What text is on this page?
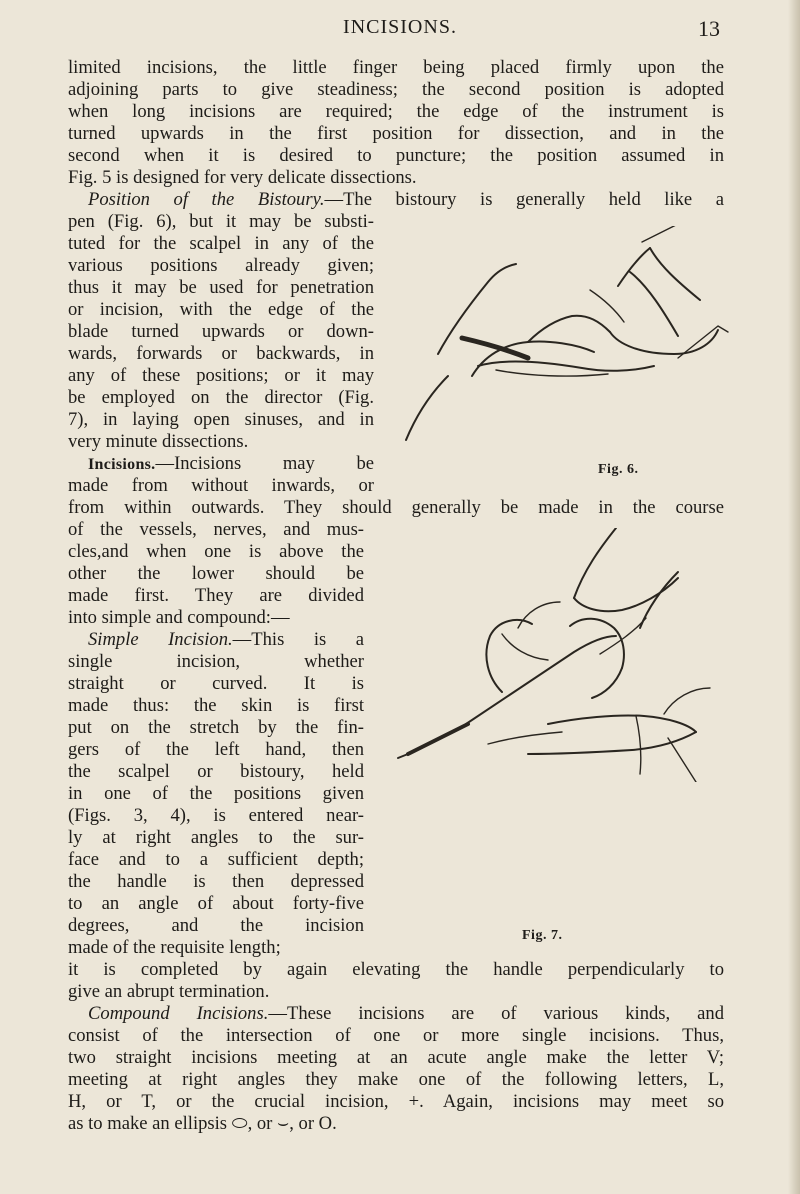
INCISIONS.	13
limited incisions, the little finger being placed firmly upon the
adjoining parts to give steadiness; the second position is adopted
when long incisions are required; the edge of the instrument is
turned upwards in the first position for dissection, and in the
second when it is desired to puncture; the position assumed in
Fig. 5 is designed for very delicate dissections.
Position of the Bistoury.—The bistoury is generally held like a
pen (Fig. 6), but it may be substi-
tuted for the scalpel in any of the
various positions already given;
thus it may be used for penetration
or incision, with the edge of the
blade turned upwards or down-
wards, forwards or backwards, in
any of these positions; or it may
be employed on the director (Fig.
7), in laying open sinuses, and in
very minute dissections.
Incisions.—Incisions may be
made from without inwards, or
from within outwards. They should generally be made in the course
of the vessels, nerves, and mus-
cles,and when one is above the
other the lower should be
made first. They are divided
into simple and compound:—
Simple Incision.—This is a
single incision, whether
straight or curved. It is
made thus: the skin is first
put on the stretch by the fin-
gers of the left hand, then
the scalpel or bistoury, held
in one of the positions given
(Figs. 3, 4), is entered near-
ly at right angles to the sur-
face and to a sufficient depth;
the handle is then depressed
to an angle of about forty-five
degrees, and the incision
made of the requisite length;
it is completed by again elevating the handle perpendicularly to
give an abrupt termination.
Compound Incisions.—These incisions are of various kinds, and
consist of the intersection of one or more single incisions. Thus,
two straight incisions meeting at an acute angle make the letter V;
meeting at right angles they make one of the following letters, L,
H, or T, or the crucial incision, +. Again, incisions may meet so
as to make an ellipsis ⬭, or ⌣, or O.
Fig. 6.
Fig. 7.
